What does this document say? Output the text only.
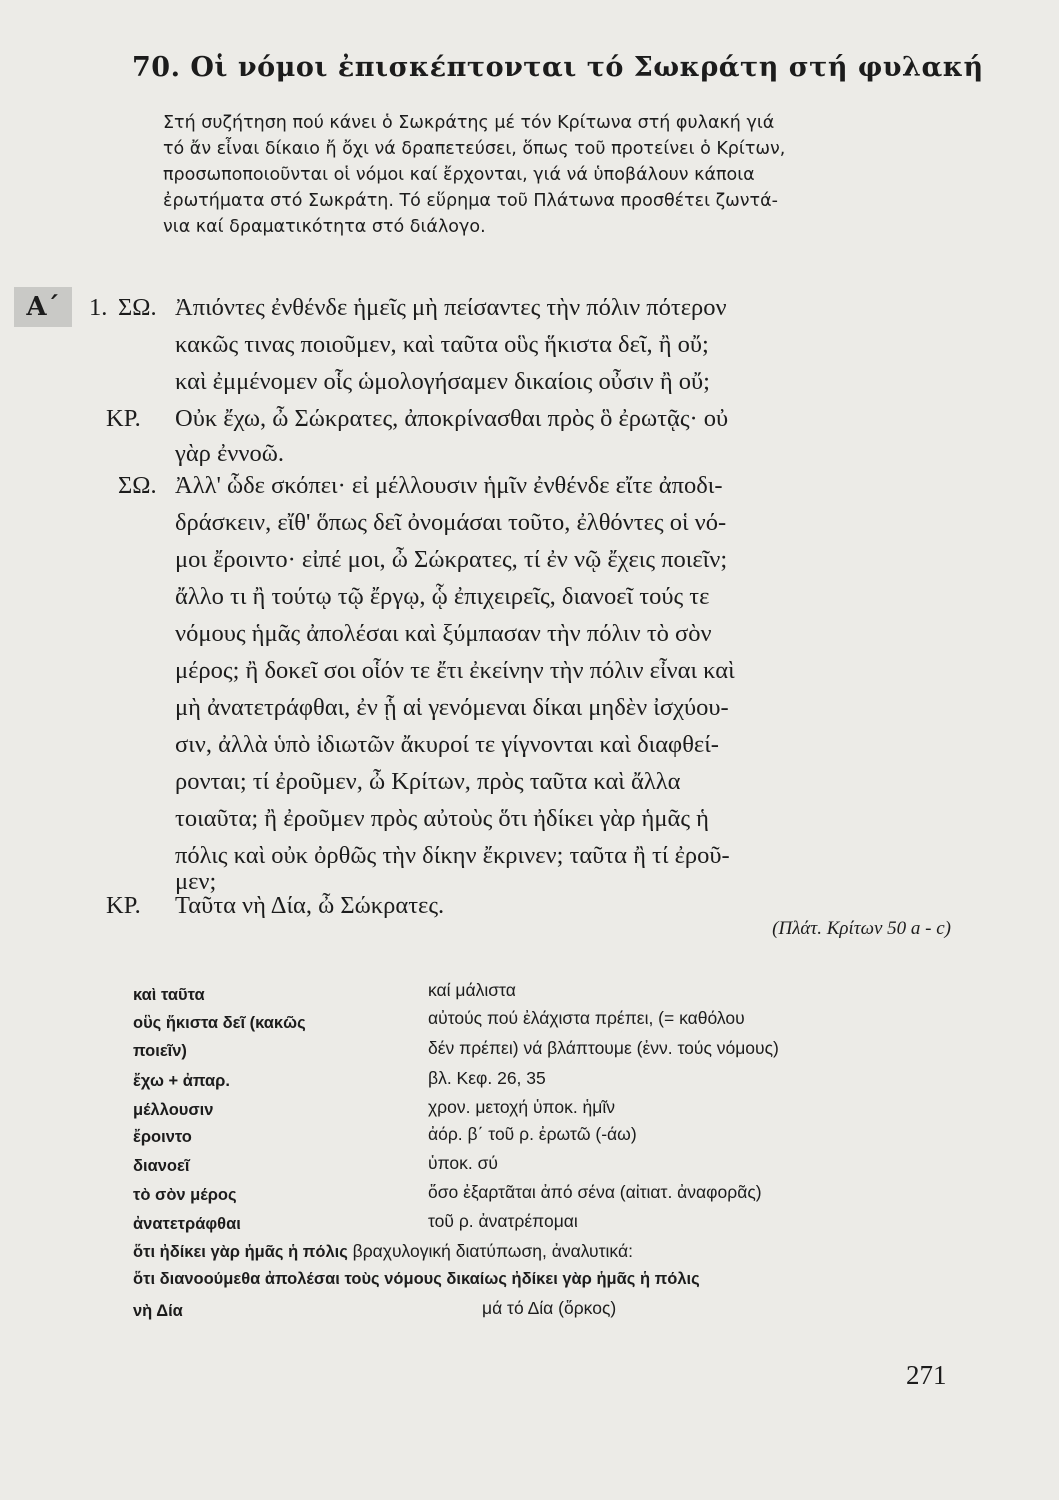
70. Οἱ νόμοι ἐπισκέπτονται τό Σωκράτη στή φυλακή

Στή συζήτηση πού κάνει ὁ Σωκράτης μέ τόν Κρίτωνα στή φυλακή γιά
τό ἄν εἶναι δίκαιο ἤ ὄχι νά δραπετεύσει, ὅπως τοῦ προτείνει ὁ Κρίτων,
προσωποποιοῦνται οἱ νόμοι καί ἔρχονται, γιά νά ὑποβάλουν κάποια
ἐρωτήματα στό Σωκράτη. Τό εὕρημα τοῦ Πλάτωνα προσθέτει ζωντά-
νια καί δραματικότητα στό διάλογο.

Α΄	1. ΣΩ. Ἀπιόντες ἐνθένδε ἡμεῖς μὴ πείσαντες τὴν πόλιν πότερον
κακῶς τινας ποιοῦμεν, καὶ ταῦτα οὓς ἥκιστα δεῖ, ἢ οὔ;
καὶ ἐμμένομεν οἷς ὡμολογήσαμεν δικαίοις οὖσιν ἢ οὔ;
ΚΡ. Οὐκ ἔχω, ὦ Σώκρατες, ἀποκρίνασθαι πρὸς ὃ ἐρωτᾷς· οὐ
γὰρ ἐννοῶ.
ΣΩ. Ἀλλ' ὧδε σκόπει· εἰ μέλλουσιν ἡμῖν ἐνθένδε εἴτε ἀποδι-
δράσκειν, εἴθ' ὅπως δεῖ ὀνομάσαι τοῦτο, ἐλθόντες οἱ νό-
μοι ἔροιντο· εἰπέ μοι, ὦ Σώκρατες, τί ἐν νῷ ἔχεις ποιεῖν;
ἄλλο τι ἢ τούτῳ τῷ ἔργῳ, ᾧ ἐπιχειρεῖς, διανοεῖ τούς τε
νόμους ἡμᾶς ἀπολέσαι καὶ ξύμπασαν τὴν πόλιν τὸ σὸν
μέρος; ἢ δοκεῖ σοι οἷόν τε ἔτι ἐκείνην τὴν πόλιν εἶναι καὶ
μὴ ἀνατετράφθαι, ἐν ᾗ αἱ γενόμεναι δίκαι μηδὲν ἰσχύου-
σιν, ἀλλὰ ὑπὸ ἰδιωτῶν ἄκυροί τε γίγνονται καὶ διαφθεί-
ρονται; τί ἐροῦμεν, ὦ Κρίτων, πρὸς ταῦτα καὶ ἄλλα
τοιαῦτα; ἢ ἐροῦμεν πρὸς αὐτοὺς ὅτι ἠδίκει γὰρ ἡμᾶς ἡ
πόλις καὶ οὐκ ὀρθῶς τὴν δίκην ἔκρινεν; ταῦτα ἢ τί ἐροῦ-
μεν;
ΚΡ. Ταῦτα νὴ Δία, ὦ Σώκρατες.
(Πλάτ. Κρίτων 50 a - c)
καὶ ταῦτα	καί μάλιστα
οὓς ἥκιστα δεῖ (κακῶς	αὐτούς πού ἐλάχιστα πρέπει, (= καθόλου
ποιεῖν)	δέν πρέπει) νά βλάπτουμε (ἐνν. τούς νόμους)
ἔχω + ἀπαρ.	βλ. Κεφ. 26, 35
μέλλουσιν	χρον. μετοχή ὑποκ. ἡμῖν
ἔροιντο	ἀόρ. β΄ τοῦ ρ. ἐρωτῶ (-άω)
διανοεῖ	ὑποκ. σύ
τὸ σὸν μέρος	ὅσο ἐξαρτᾶται ἀπό σένα (αἰτιατ. ἀναφορᾶς)
ἀνατετράφθαι	τοῦ ρ. ἀνατρέπομαι
ὅτι ἠδίκει γὰρ ἡμᾶς ἡ πόλις βραχυλογική διατύπωση, ἀναλυτικά:
ὅτι διανοούμεθα ἀπολέσαι τοὺς νόμους δικαίως ἠδίκει γὰρ ἡμᾶς ἡ πόλις
νὴ Δία	μά τό Δία (ὅρκος)
271
